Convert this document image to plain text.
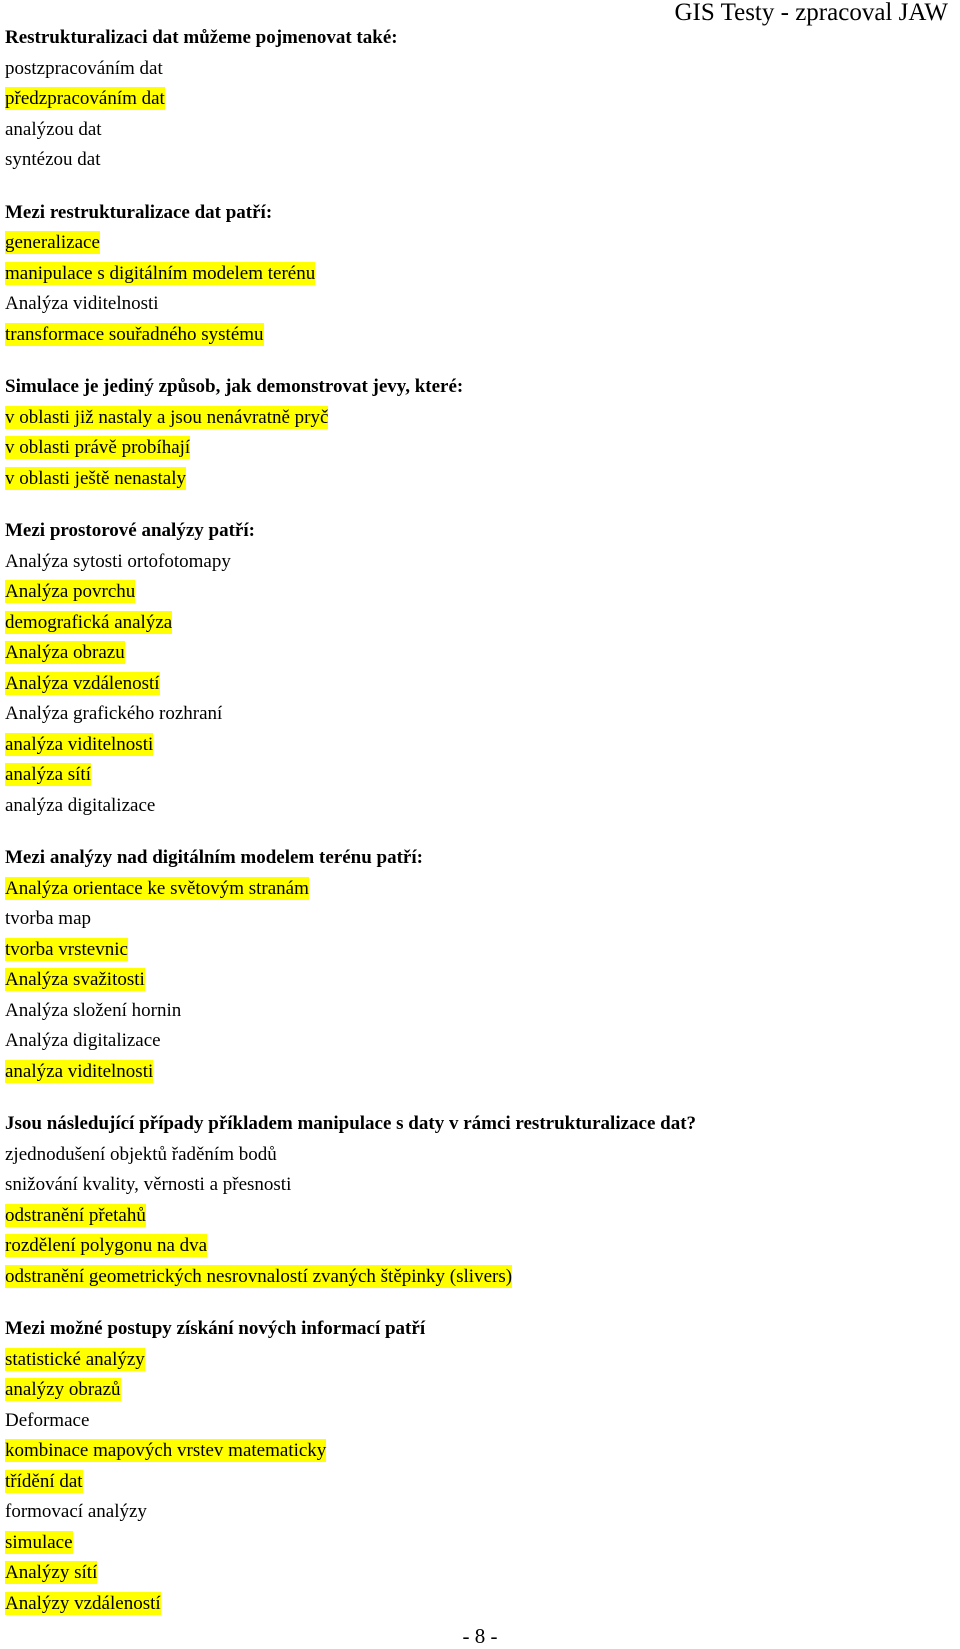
GIS Testy - zpracoval JAW
Restrukturalizaci dat můžeme pojmenovat také:
postzpracováním dat
předzpracováním dat
analýzou dat
syntézou dat
Mezi restrukturalizace dat patří:
generalizace
manipulace s digitálním modelem terénu
Analýza viditelnosti
transformace souřadného systému
Simulace je jediný způsob, jak demonstrovat jevy, které:
v oblasti již nastaly a jsou nenávratně pryč
v oblasti právě probíhají
v oblasti ještě nenastaly
Mezi prostorové analýzy patří:
Analýza sytosti ortofotomapy
Analýza povrchu
demografická analýza
Analýza obrazu
Analýza vzdáleností
Analýza grafického rozhraní
analýza viditelnosti
analýza sítí
analýza digitalizace
Mezi analýzy nad digitálním modelem terénu patří:
Analýza orientace ke světovým stranám
tvorba map
tvorba vrstevnic
Analýza svažitosti
Analýza složení hornin
Analýza digitalizace
analýza viditelnosti
Jsou následující případy příkladem manipulace s daty v rámci restrukturalizace dat?
zjednodušení objektů řaděním bodů
snižování kvality, věrnosti a přesnosti
odstranění přetahů
rozdělení polygonu na dva
odstranění geometrických nesrovnalostí zvaných štěpinky (slivers)
Mezi možné postupy získání nových informací patří
statistické analýzy
analýzy obrazů
Deformace
kombinace mapových vrstev matematicky
třídění dat
formovací analýzy
simulace
Analýzy sítí
Analýzy vzdáleností
- 8 -
